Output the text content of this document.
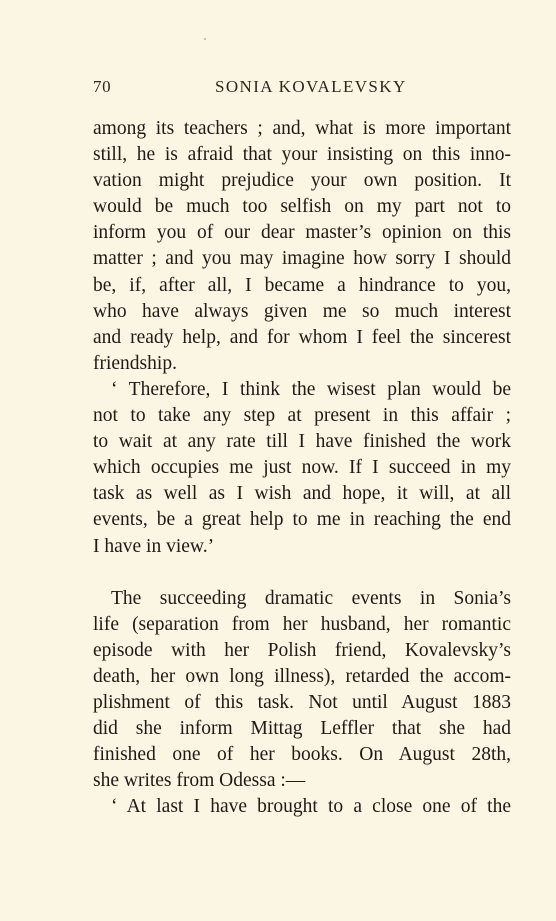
70	SONIA KOVALEVSKY
among its teachers ; and, what is more important
still, he is afraid that your insisting on this inno-
vation might prejudice your own position. It
would be much too selfish on my part not to
inform you of our dear master’s opinion on this
matter ; and you may imagine how sorry I should
be, if, after all, I became a hindrance to you,
who have always given me so much interest
and ready help, and for whom I feel the sincerest
friendship.
‘ Therefore, I think the wisest plan would be
not to take any step at present in this affair ;
to wait at any rate till I have finished the work
which occupies me just now. If I succeed in my
task as well as I wish and hope, it will, at all
events, be a great help to me in reaching the end
I have in view.’
The succeeding dramatic events in Sonia’s
life (separation from her husband, her romantic
episode with her Polish friend, Kovalevsky’s
death, her own long illness), retarded the accom-
plishment of this task. Not until August 1883
did she inform Mittag Leffler that she had
finished one of her books. On August 28th,
she writes from Odessa :—
‘ At last I have brought to a close one of the
